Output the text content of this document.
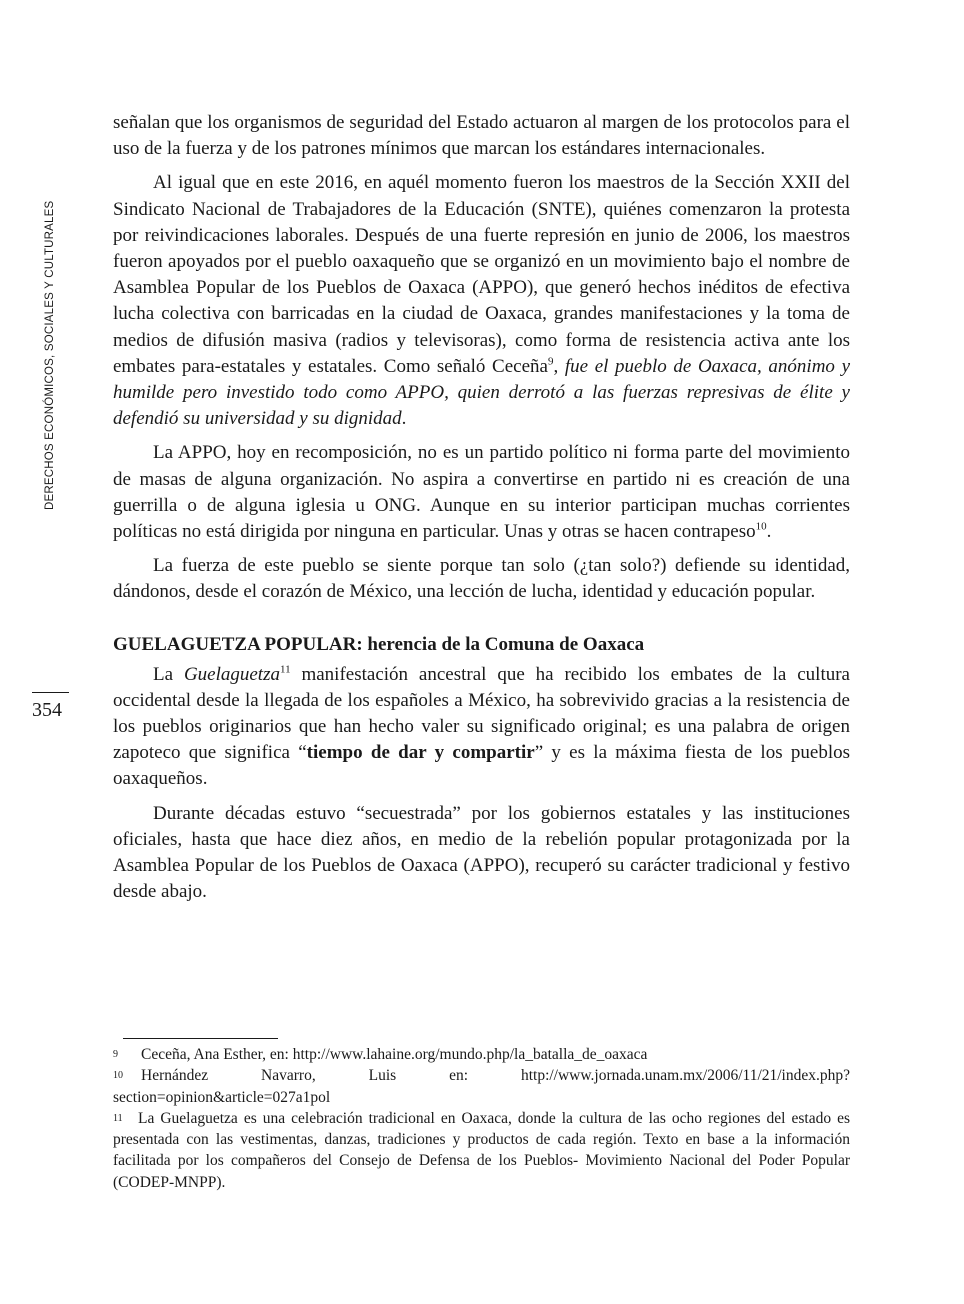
DERECHOS ECONÓMICOS, SOCIALES Y CULTURALES
354

señalan que los organismos de seguridad del Estado actuaron al margen de los protocolos para el uso de la fuerza y de los patrones mínimos que marcan los estándares internacionales.

Al igual que en este 2016, en aquél momento fueron los maestros de la Sección XXII del Sindicato Nacional de Trabajadores de la Educación (SNTE), quiénes comenzaron la protesta por reivindicaciones laborales. Después de una fuerte represión en junio de 2006, los maestros fueron apoyados por el pueblo oaxaqueño que se organizó en un movimiento bajo el nombre de Asamblea Popular de los Pueblos de Oaxaca (APPO), que generó hechos inéditos de efectiva lucha colectiva con barricadas en la ciudad de Oaxaca, grandes manifestaciones y la toma de medios de difusión masiva (radios y televisoras), como forma de resistencia activa ante los embates para-estatales y estatales. Como señaló Ceceña$^9$, fue el pueblo de Oaxaca, anónimo y humilde pero investido todo como APPO, quien derrotó a las fuerzas represivas de élite y defendió su universidad y su dignidad.

La APPO, hoy en recomposición, no es un partido político ni forma parte del movimiento de masas de alguna organización. No aspira a convertirse en partido ni es creación de una guerrilla o de alguna iglesia u ONG. Aunque en su interior participan muchas corrientes políticas no está dirigida por ninguna en particular. Unas y otras se hacen contrapeso$^{10}$.

La fuerza de este pueblo se siente porque tan solo (¿tan solo?) defiende su identidad, dándonos, desde el corazón de México, una lección de lucha, identidad y educación popular.

GUELAGUETZA POPULAR: herencia de la Comuna de Oaxaca

La Guelaguetza$^{11}$ manifestación ancestral que ha recibido los embates de la cultura occidental desde la llegada de los españoles a México, ha sobrevivido gracias a la resistencia de los pueblos originarios que han hecho valer su significado original; es una palabra de origen zapoteco que significa “tiempo de dar y compartir” y es la máxima fiesta de los pueblos oaxaqueños.

Durante décadas estuvo “secuestrada” por los gobiernos estatales y las instituciones oficiales, hasta que hace diez años, en medio de la rebelión popular protagonizada por la Asamblea Popular de los Pueblos de Oaxaca (APPO), recuperó su carácter tradicional y festivo desde abajo.

9 Ceceña, Ana Esther, en: http://www.lahaine.org/mundo.php/la_batalla_de_oaxaca

10 Hernández Navarro, Luis en: http://www.jornada.unam.mx/2006/11/21/index.php?section=opinion&article=027a1pol

11 La Guelaguetza es una celebración tradicional en Oaxaca, donde la cultura de las ocho regiones del estado es presentada con las vestimentas, danzas, tradiciones y productos de cada región. Texto en base a la información facilitada por los compañeros del Consejo de Defensa de los Pueblos- Movimiento Nacional del Poder Popular (CODEP-MNPP).
